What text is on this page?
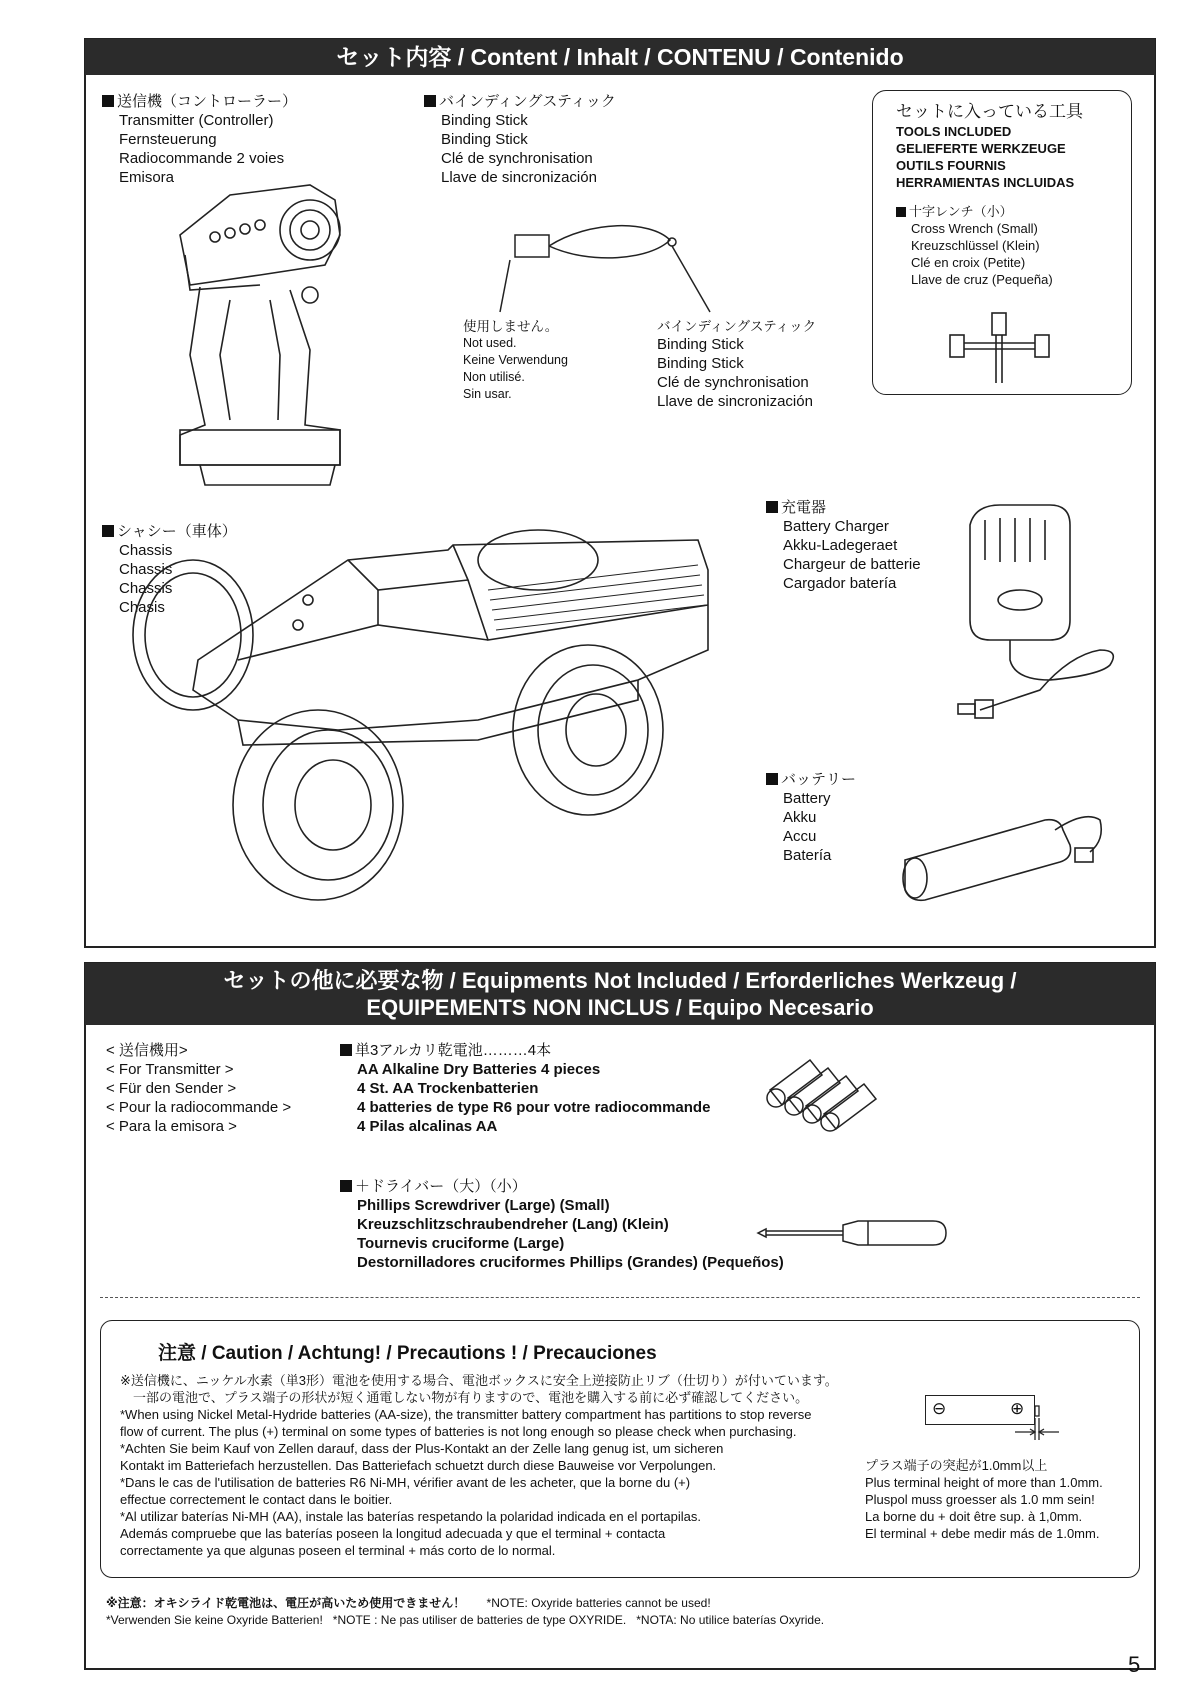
セット内容 / Content / Inhalt / CONTENU / Contenido
送信機（コントローラー）
Transmitter (Controller)
Fernsteuerung
Radiocommande 2 voies
Emisora
バインディングスティック
Binding Stick
Binding Stick
Clé de synchronisation
Llave de sincronización
使用しません。
Not used.
Keine Verwendung
Non utilisé.
Sin usar.
バインディングスティック
Binding Stick
Binding Stick
Clé de synchronisation
Llave de sincronización
セットに入っている工具
TOOLS INCLUDED
GELIEFERTE WERKZEUGE
OUTILS FOURNIS
HERRAMIENTAS INCLUIDAS
十字レンチ（小）
Cross Wrench (Small)
Kreuzschlüssel (Klein)
Clé en croix (Petite)
Llave de cruz (Pequeña)
シャシー（車体）
Chassis
Chassis
Chassis
Chasis
充電器
Battery Charger
Akku-Ladegeraet
Chargeur de batterie
Cargador batería
バッテリー
Battery
Akku
Accu
Batería
セットの他に必要な物 / Equipments Not Included / Erforderliches Werkzeug /
EQUIPEMENTS NON INCLUS / Equipo Necesario
< 送信機用>
< For Transmitter >
< Für den Sender >
< Pour la radiocommande >
< Para la emisora >
単3アルカリ乾電池………4本
AA Alkaline Dry Batteries 4 pieces
4 St. AA Trockenbatterien
4 batteries de type R6 pour votre radiocommande
4 Pilas alcalinas AA
＋ドライバー（大）（小）
Phillips Screwdriver (Large) (Small)
Kreuzschlitzschraubendreher (Lang) (Klein)
Tournevis cruciforme (Large)
Destornilladores cruciformes Phillips (Grandes) (Pequeños)
注意 / Caution / Achtung! / Precautions ! / Precauciones
※送信機に、ニッケル水素（単3形）電池を使用する場合、電池ボックスに安全上逆接防止リブ（仕切り）が付いています。
　一部の電池で、プラス端子の形状が短く通電しない物が有りますので、電池を購入する前に必ず確認してください。
*When using Nickel Metal-Hydride batteries (AA-size), the transmitter battery compartment has partitions to stop reverse
flow of current. The plus (+) terminal on some types of batteries is not long enough so please check when purchasing.
*Achten Sie beim Kauf von Zellen darauf, dass der Plus-Kontakt an der Zelle lang genug ist, um sicheren
Kontakt im Batteriefach herzustellen. Das Batteriefach schuetzt durch diese Bauweise vor Verpolungen.
*Dans le cas de l'utilisation de batteries R6 Ni-MH, vérifier avant de les acheter, que la borne du (+)
effectue correctement le contact dans le boitier.
*Al utilizar baterías Ni-MH (AA), instale las baterías respetando la polaridad indicada en el portapilas.
Además compruebe que las baterías poseen la longitud adecuada y que el terminal + contacta
correctamente ya que algunas poseen el terminal + más corto de lo normal.
⊖	⊕
プラス端子の突起が1.0mm以上
Plus terminal height of more than 1.0mm.
Pluspol muss groesser als 1.0 mm sein!
La borne du + doit être sup. à 1,0mm.
El terminal + debe medir más de 1.0mm.
※注意：オキシライド乾電池は、電圧が高いため使用できません！ *NOTE: Oxyride batteries cannot be used!
*Verwenden Sie keine Oxyride Batterien!   *NOTE : Ne pas utiliser de batteries de type OXYRIDE.   *NOTA: No utilice baterías Oxyride.
5
